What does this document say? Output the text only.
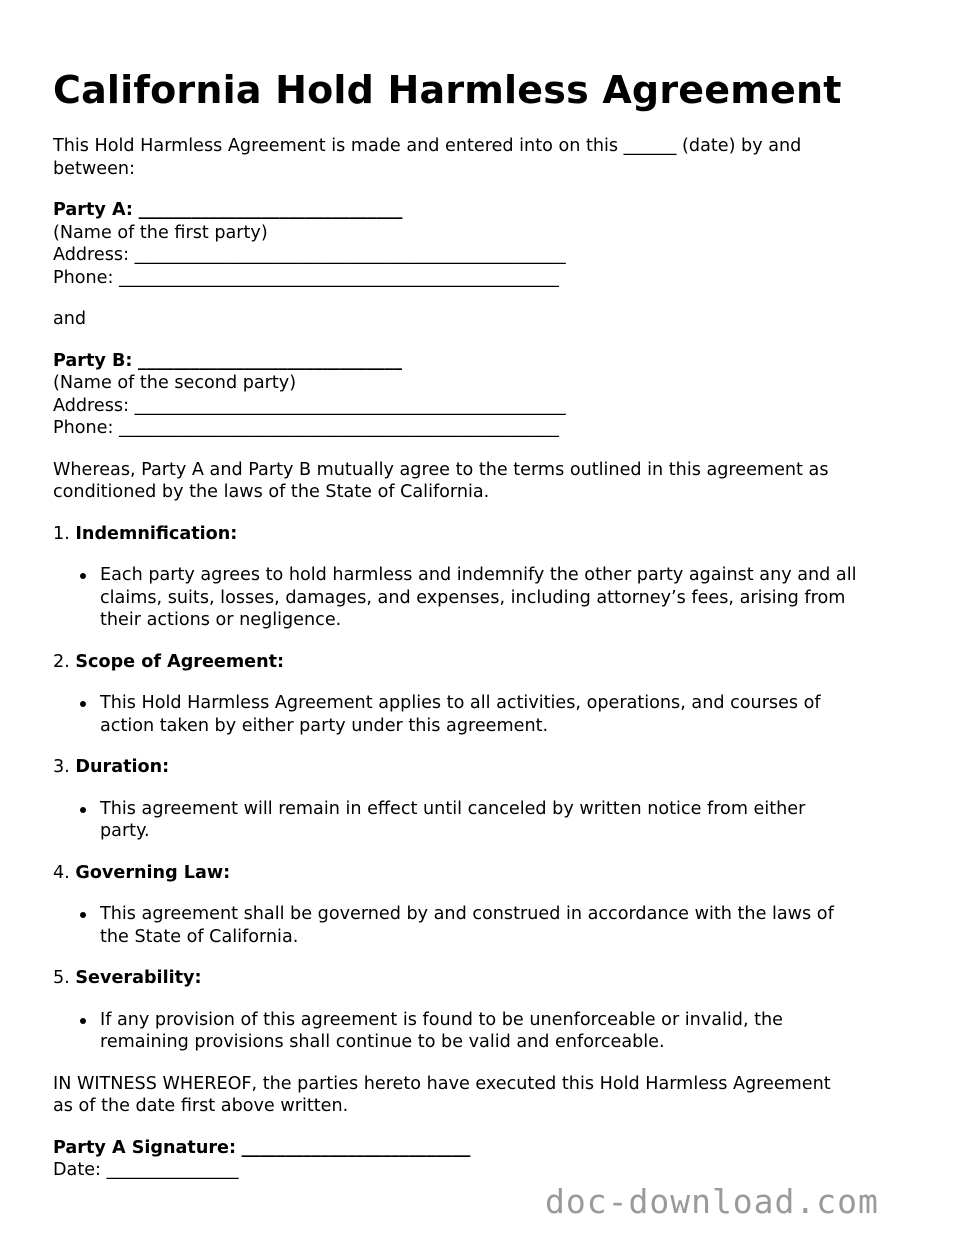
California Hold Harmless Agreement

This Hold Harmless Agreement is made and entered into on this ______ (date) by and
between:

Party A: ______________________________
(Name of the first party)
Address: _________________________________________________
Phone: __________________________________________________

and

Party B: ______________________________
(Name of the second party)
Address: _________________________________________________
Phone: __________________________________________________

Whereas, Party A and Party B mutually agree to the terms outlined in this agreement as
conditioned by the laws of the State of California.

1. Indemnification:
Each party agrees to hold harmless and indemnify the other party against any and all
claims, suits, losses, damages, and expenses, including attorney’s fees, arising from
their actions or negligence.
2. Scope of Agreement:
This Hold Harmless Agreement applies to all activities, operations, and courses of
action taken by either party under this agreement.
3. Duration:
This agreement will remain in effect until canceled by written notice from either
party.
4. Governing Law:
This agreement shall be governed by and construed in accordance with the laws of
the State of California.
5. Severability:
If any provision of this agreement is found to be unenforceable or invalid, the
remaining provisions shall continue to be valid and enforceable.

IN WITNESS WHEREOF, the parties hereto have executed this Hold Harmless Agreement
as of the date first above written.

Party A Signature: __________________________
Date: _______________
doc-download.com
